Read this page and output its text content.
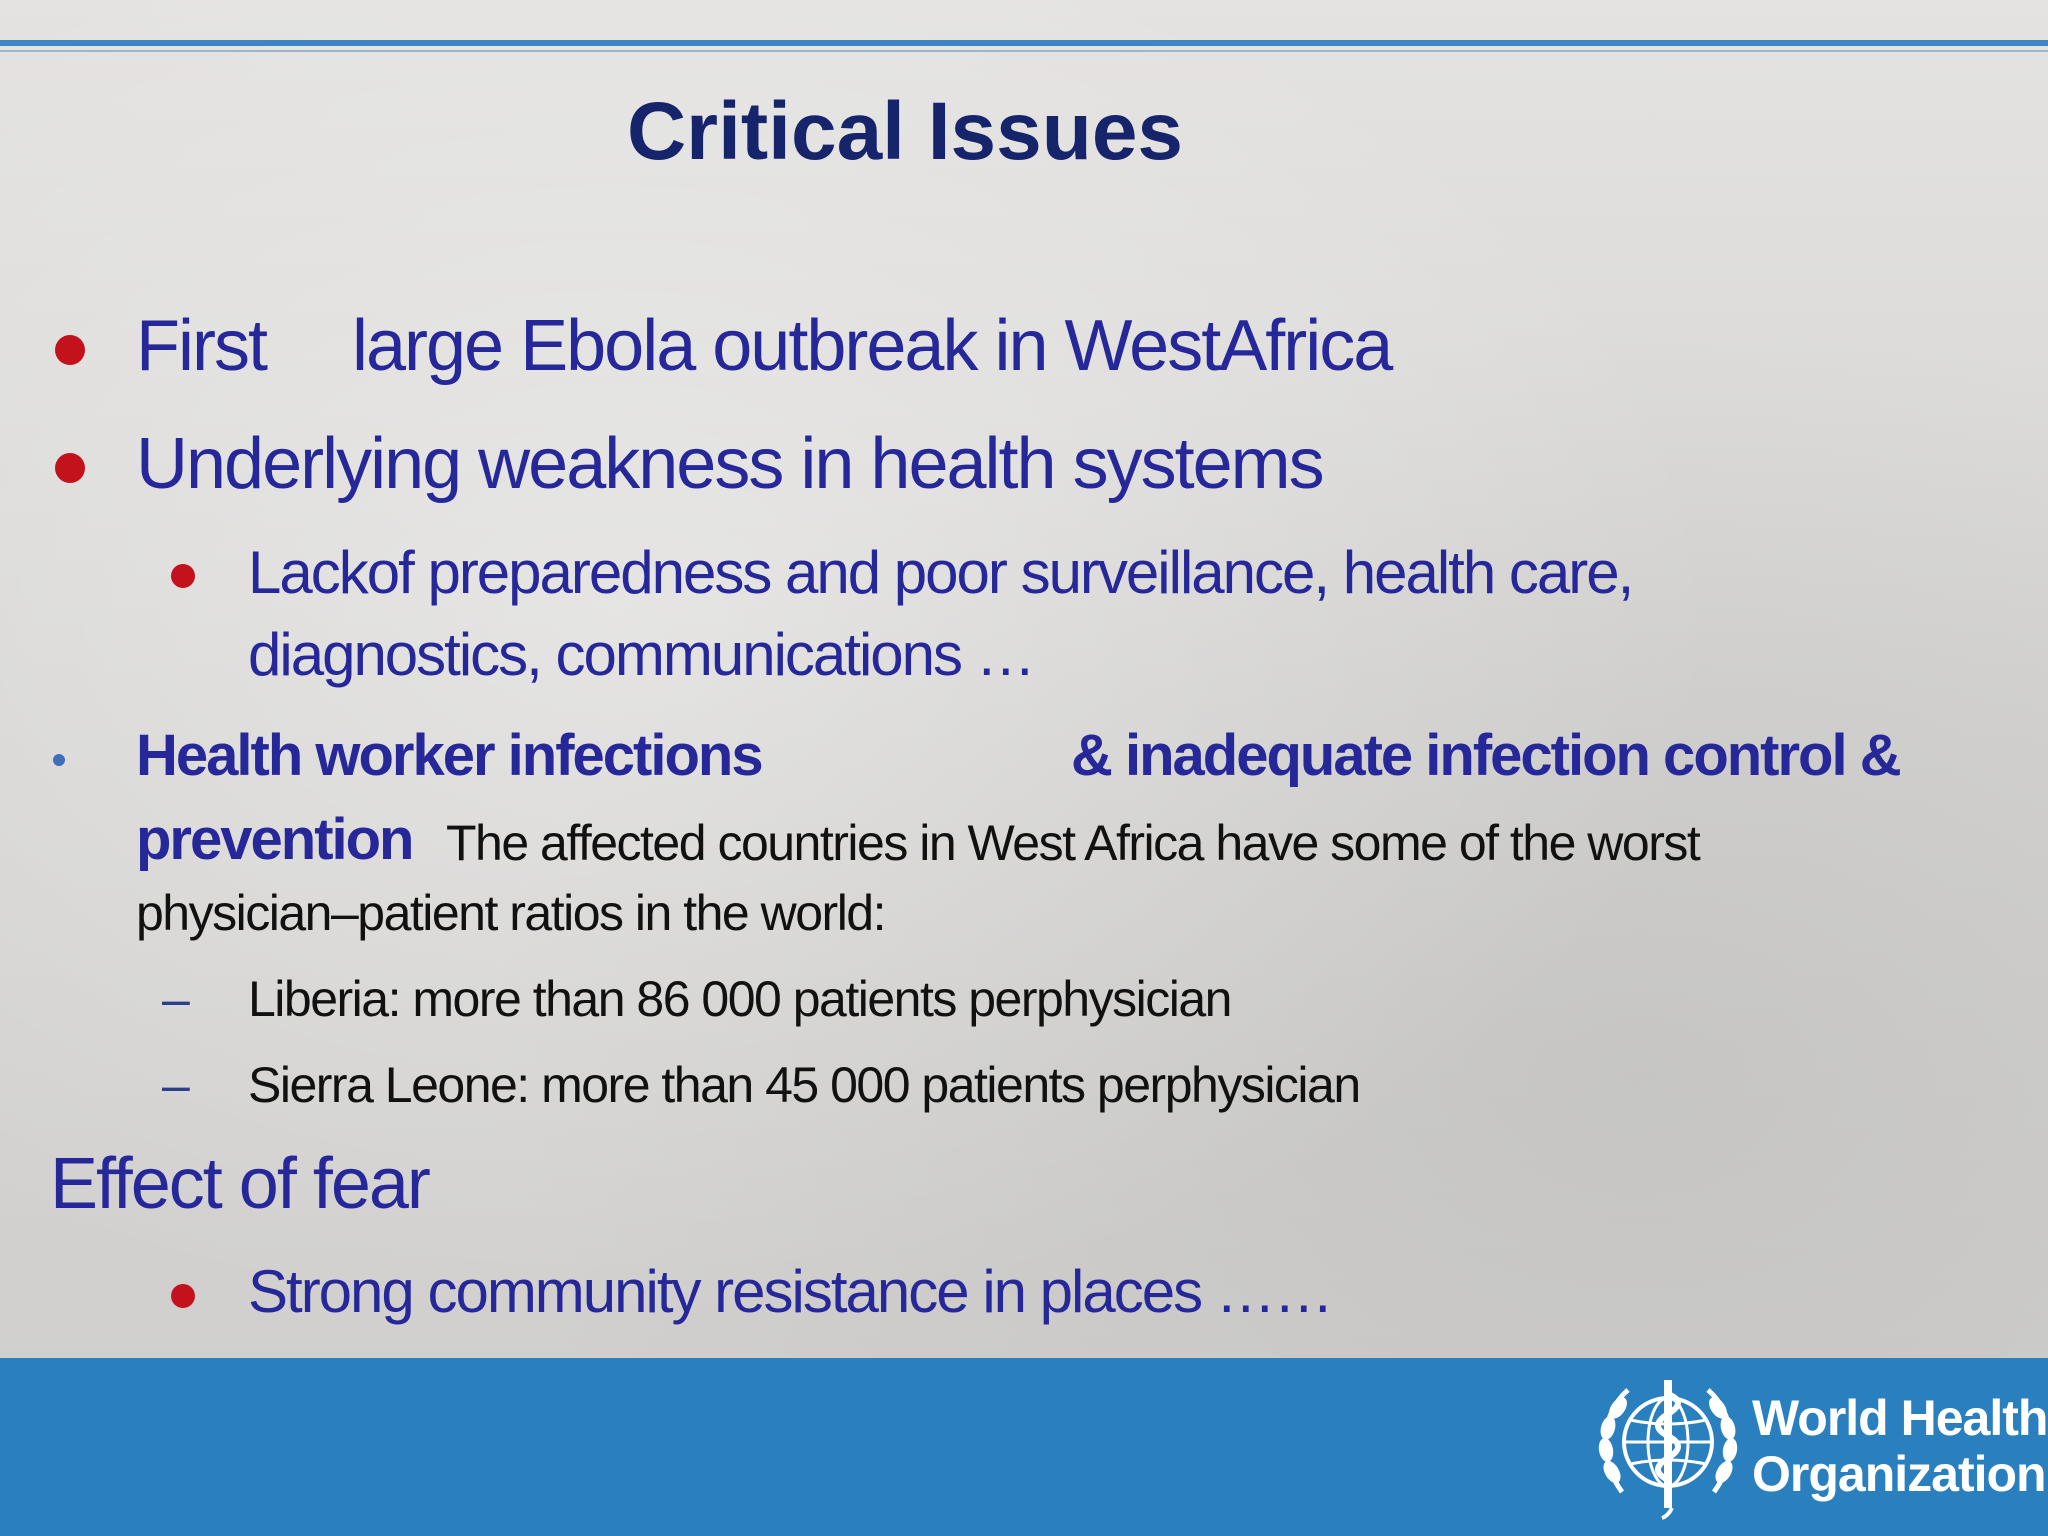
Critical Issues
First large Ebola outbreak in WestAfrica
Underlying weakness in health systems
Lackof preparedness and poor surveillance, health care,
diagnostics, communications …
Health worker infections	& inadequate infection control &
prevention The affected countries in West Africa have some of the worst
physician–patient ratios in the world:
– Liberia: more than 86 000 patients perphysician
– Sierra Leone: more than 45 000 patients perphysician
Effect of fear
Strong community resistance in places ……
World Health
Organization
